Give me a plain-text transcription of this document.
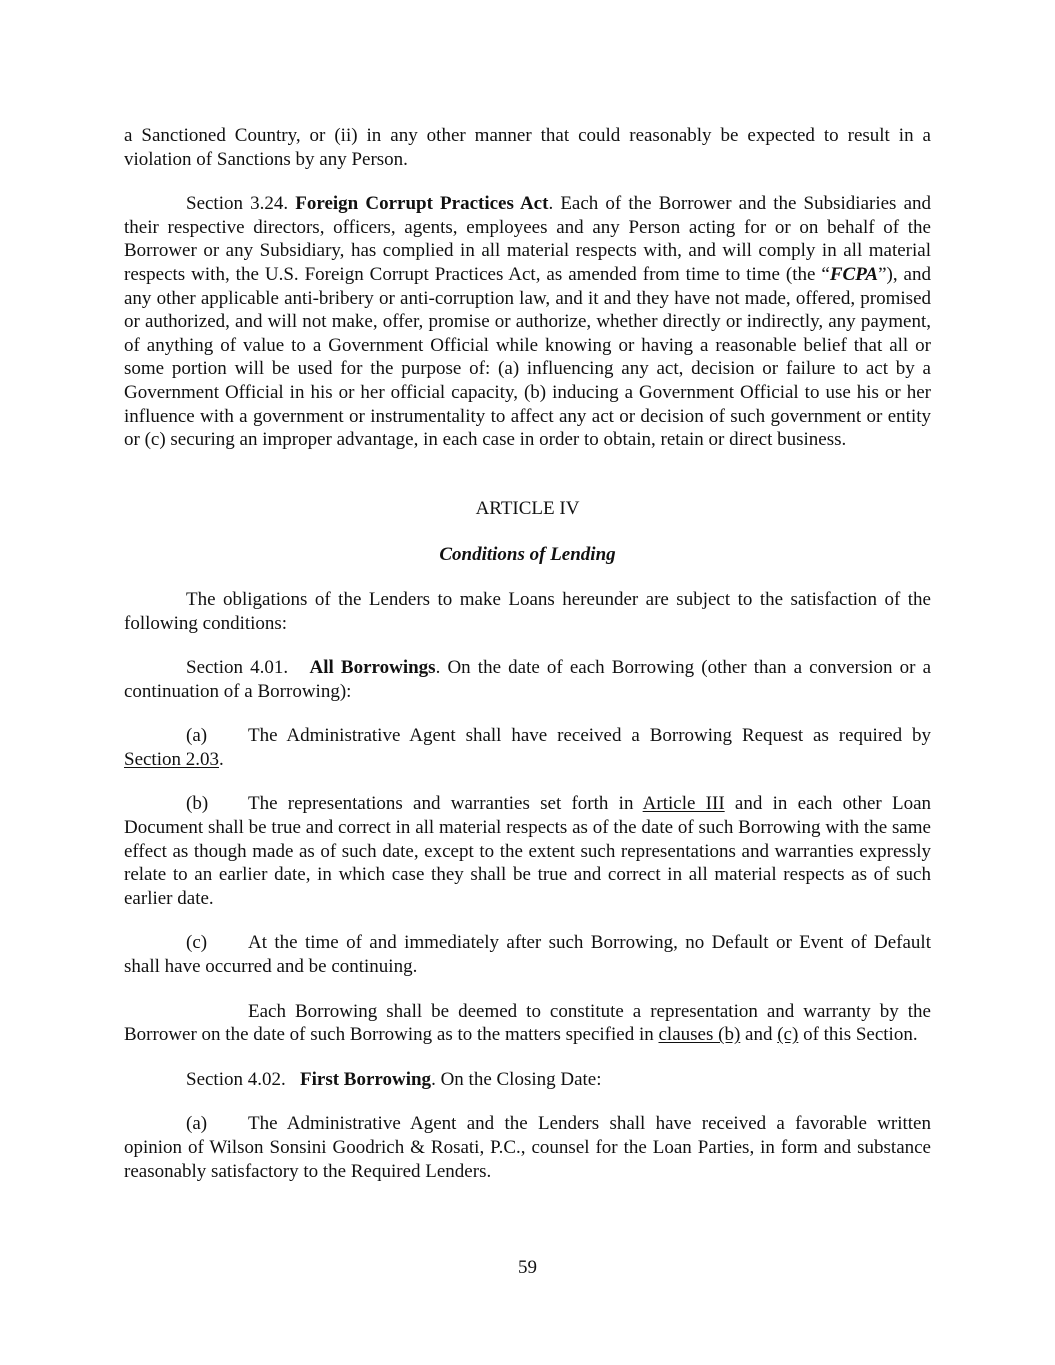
a Sanctioned Country, or (ii) in any other manner that could reasonably be expected to result in a violation of Sanctions by any Person.

Section 3.24. Foreign Corrupt Practices Act. Each of the Borrower and the Subsidiaries and their respective directors, officers, agents, employees and any Person acting for or on behalf of the Borrower or any Subsidiary, has complied in all material respects with, and will comply in all material respects with, the U.S. Foreign Corrupt Practices Act, as amended from time to time (the “FCPA”), and any other applicable anti-bribery or anti-corruption law, and it and they have not made, offered, promised or authorized, and will not make, offer, promise or authorize, whether directly or indirectly, any payment, of anything of value to a Government Official while knowing or having a reasonable belief that all or some portion will be used for the purpose of: (a) influencing any act, decision or failure to act by a Government Official in his or her official capacity, (b) inducing a Government Official to use his or her influence with a government or instrumentality to affect any act or decision of such government or entity or (c) securing an improper advantage, in each case in order to obtain, retain or direct business.

ARTICLE IV

Conditions of Lending

The obligations of the Lenders to make Loans hereunder are subject to the satisfaction of the following conditions:

Section 4.01. All Borrowings. On the date of each Borrowing (other than a conversion or a continuation of a Borrowing):

(a) The Administrative Agent shall have received a Borrowing Request as required by Section 2.03.

(b) The representations and warranties set forth in Article III and in each other Loan Document shall be true and correct in all material respects as of the date of such Borrowing with the same effect as though made as of such date, except to the extent such representations and warranties expressly relate to an earlier date, in which case they shall be true and correct in all material respects as of such earlier date.

(c) At the time of and immediately after such Borrowing, no Default or Event of Default shall have occurred and be continuing.

Each Borrowing shall be deemed to constitute a representation and warranty by the Borrower on the date of such Borrowing as to the matters specified in clauses (b) and (c) of this Section.

Section 4.02. First Borrowing. On the Closing Date:

(a) The Administrative Agent and the Lenders shall have received a favorable written opinion of Wilson Sonsini Goodrich & Rosati, P.C., counsel for the Loan Parties, in form and substance reasonably satisfactory to the Required Lenders.

59
